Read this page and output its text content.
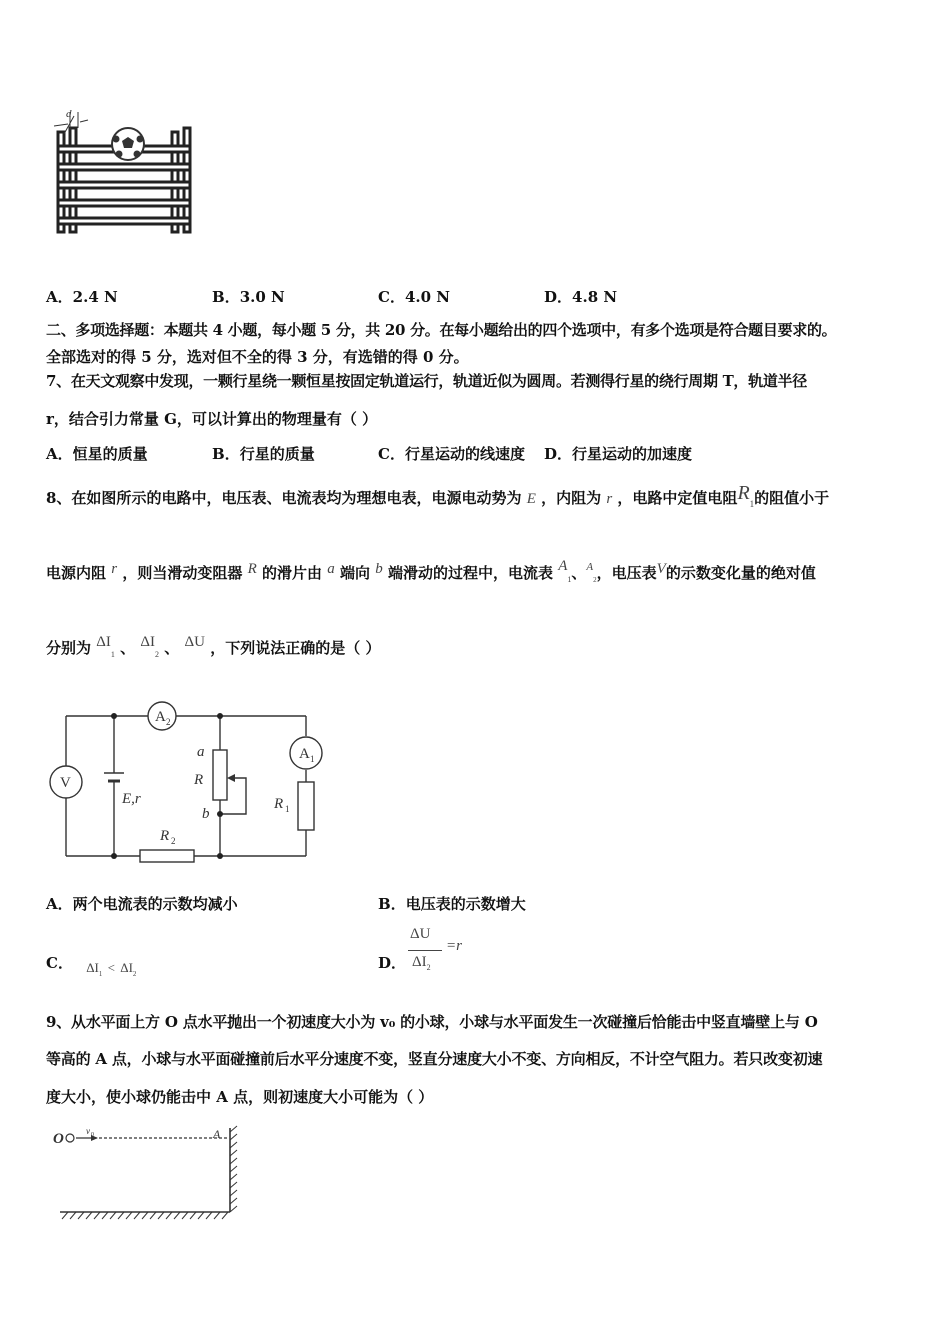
d
A．2.4 N	B．3.0 N	C．4.0 N	D．4.8 N
二、多项选择题：本题共 4 小题，每小题 5 分，共 20 分。在每小题给出的四个选项中，有多个选项是符合题目要求的。
全部选对的得 5 分，选对但不全的得 3 分，有选错的得 0 分。
7、在天文观察中发现，一颗行星绕一颗恒星按固定轨道运行，轨道近似为圆周。若测得行星的绕行周期 T，轨道半径
r，结合引力常量 G，可以计算出的物理量有（ ）
A．恒星的质量	B．行星的质量	C．行星运动的线速度 D．行星运动的加速度
8、在如图所示的电路中，电压表、电流表均为理想电表，电源电动势为 E ，内阻为 r ，电路中定值电阻$R_1$的阻值小于
电源内阻 r ，则当滑动变阻器 R 的滑片由 a 端向 b 端滑动的过程中，电流表 $A_1$、$^A_2$，电压表V的示数变化量的绝对值
分别为 $\Delta I_1$ 、 $\Delta I_2$ 、 ΔU ，下列说法正确的是（ ）
A 2
A 1
V
a
R
b
E,r	R 1
R 2
A．两个电流表的示数均减小	B．电压表的示数增大
C． $\Delta I_1 < \Delta I_2$
D．
ΔU
$\Delta I_2$
=r
9、从水平面上方 O 点水平抛出一个初速度大小为 v₀ 的小球，小球与水平面发生一次碰撞后恰能击中竖直墙壁上与 O
等高的 A 点，小球与水平面碰撞前后水平分速度不变，竖直分速度大小不变、方向相反，不计空气阻力。若只改变初速
度大小，使小球仍能击中 A 点，则初速度大小可能为（ ）
O v 0	A
